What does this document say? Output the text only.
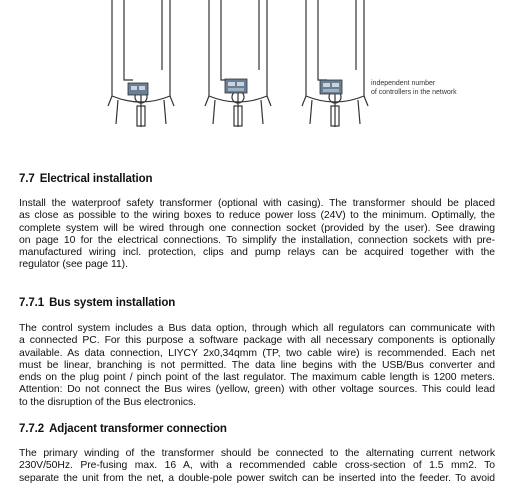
independent number
of controllers in the network
7.7 Electrical installation
Install the waterproof safety transformer (optional with casing). The transformer should be placed
as close as possible to the wiring boxes to reduce power loss (24V) to the minimum. Optimally, the
complete system will be wired through one connection socket (provided by the user). See drawing
on page 10 for the electrical connections. To simplify the installation, connection sockets with pre-
manufactured wiring incl. protection, clips and pump relays can be acquired together with the
regulator (see page 11).
7.7.1 Bus system installation
The control system includes a Bus data option, through which all regulators can communicate with
a connected PC. For this purpose a software package with all necessary components is optionally
available. As data connection, LIYCY 2x0,34qmm (TP, two cable wire) is recommended. Each net
must be linear, branching is not permitted. The data line begins with the USB/Bus converter and
ends on the plug point / pinch point of the last regulator. The maximum cable length is 1200 meters.
Attention: Do not connect the Bus wires (yellow, green) with other voltage sources. This could lead
to the disruption of the Bus electronics.
7.7.2 Adjacent transformer connection
The primary winding of the transformer should be connected to the alternating current network
230V/50Hz. Pre-fusing max. 16 A, with a recommended cable cross-section of 1.5 mm2. To
separate the unit from the net, a double-pole power switch can be inserted into the feeder. To avoid
